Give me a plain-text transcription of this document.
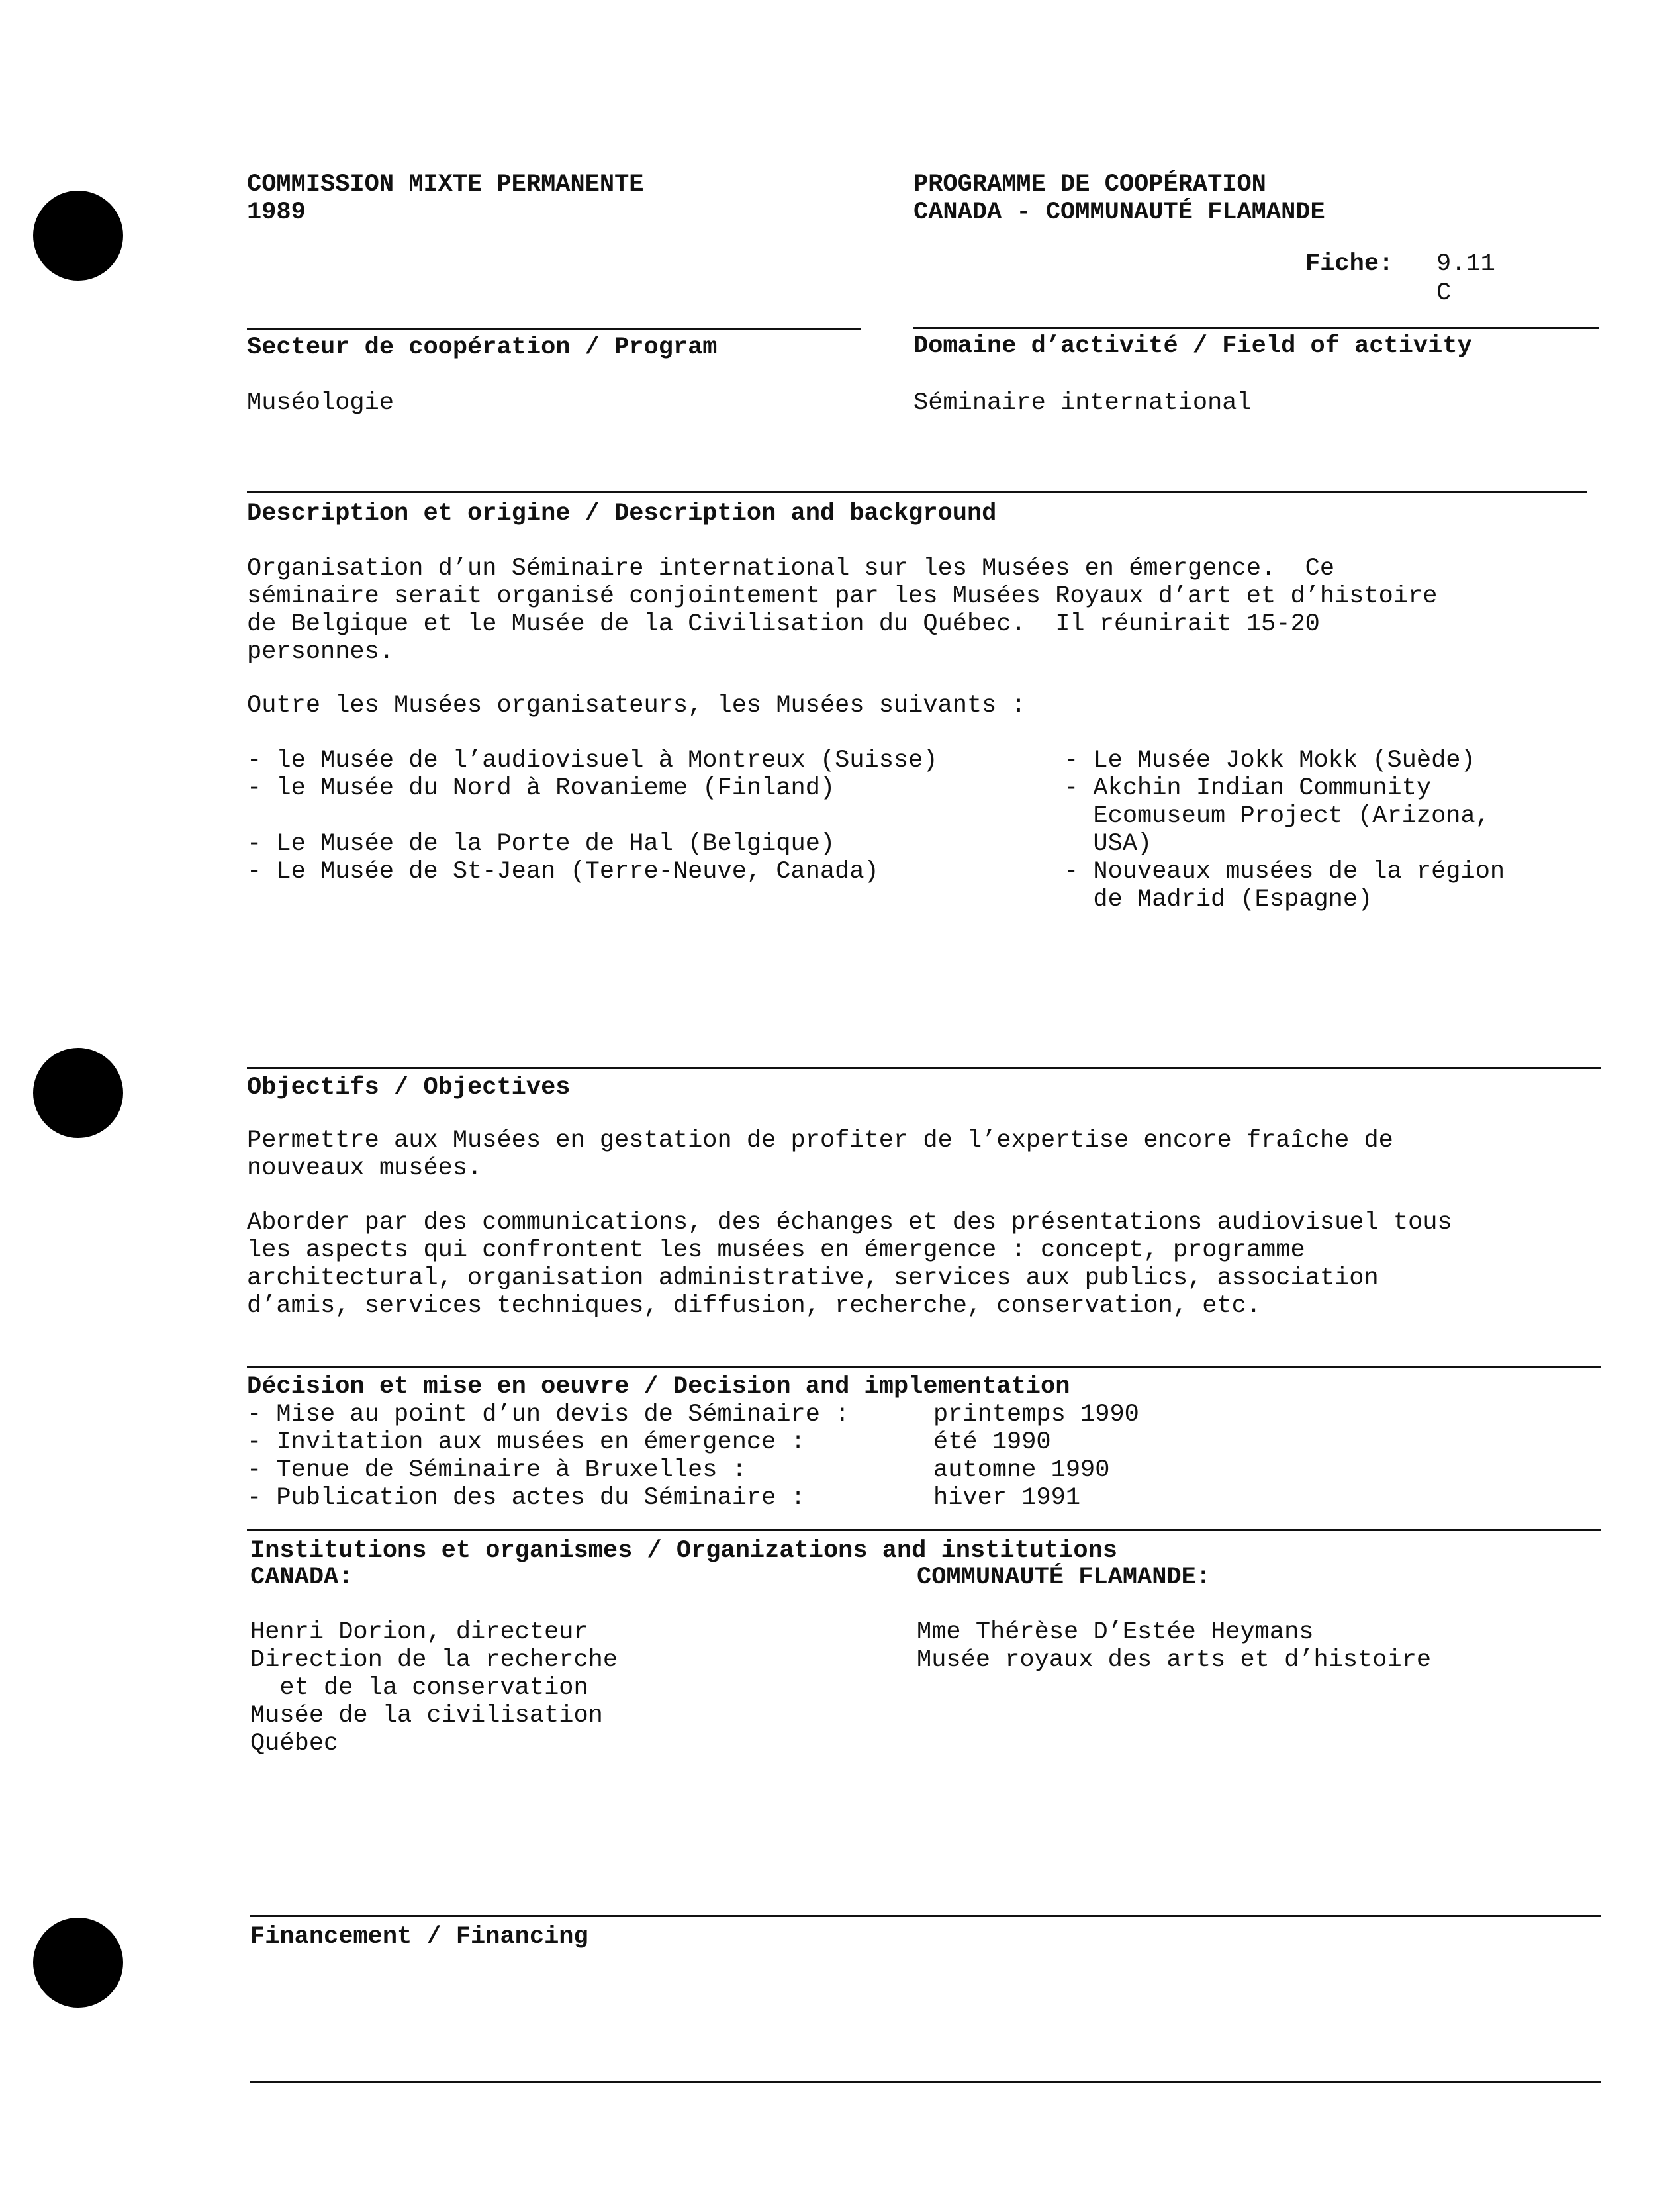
COMMISSION MIXTE PERMANENTE
1989
PROGRAMME DE COOPÉRATION
CANADA - COMMUNAUTÉ FLAMANDE
Fiche: 9.11
C
Secteur de coopération / Program	Domaine d’activité / Field of activity
Muséologie	Séminaire international
Description et origine / Description and background
Organisation d’un Séminaire international sur les Musées en émergence.  Ce
séminaire serait organisé conjointement par les Musées Royaux d’art et d’histoire
de Belgique et le Musée de la Civilisation du Québec.  Il réunirait 15-20
personnes.
Outre les Musées organisateurs, les Musées suivants :
- le Musée de l’audiovisuel à Montreux (Suisse)
- le Musée du Nord à Rovanieme (Finland)

- Le Musée de la Porte de Hal (Belgique)
- Le Musée de St-Jean (Terre-Neuve, Canada)
- Le Musée Jokk Mokk (Suède)
- Akchin Indian Community
Ecomuseum Project (Arizona,
USA)
- Nouveaux musées de la région
de Madrid (Espagne)
Objectifs / Objectives
Permettre aux Musées en gestation de profiter de l’expertise encore fraîche de
nouveaux musées.
Aborder par des communications, des échanges et des présentations audiovisuel tous
les aspects qui confrontent les musées en émergence : concept, programme
architectural, organisation administrative, services aux publics, association
d’amis, services techniques, diffusion, recherche, conservation, etc.
Décision et mise en oeuvre / Decision and implementation
- Mise au point d’un devis de Séminaire :	printemps 1990
- Invitation aux musées en émergence :	été 1990
- Tenue de Séminaire à Bruxelles :	automne 1990
- Publication des actes du Séminaire :	hiver 1991
Institutions et organismes / Organizations and institutions
CANADA:	COMMUNAUTÉ FLAMANDE:
Henri Dorion, directeur
Direction de la recherche
et de la conservation
Musée de la civilisation
Québec
Mme Thérèse D’Estée Heymans
Musée royaux des arts et d’histoire
Financement / Financing
